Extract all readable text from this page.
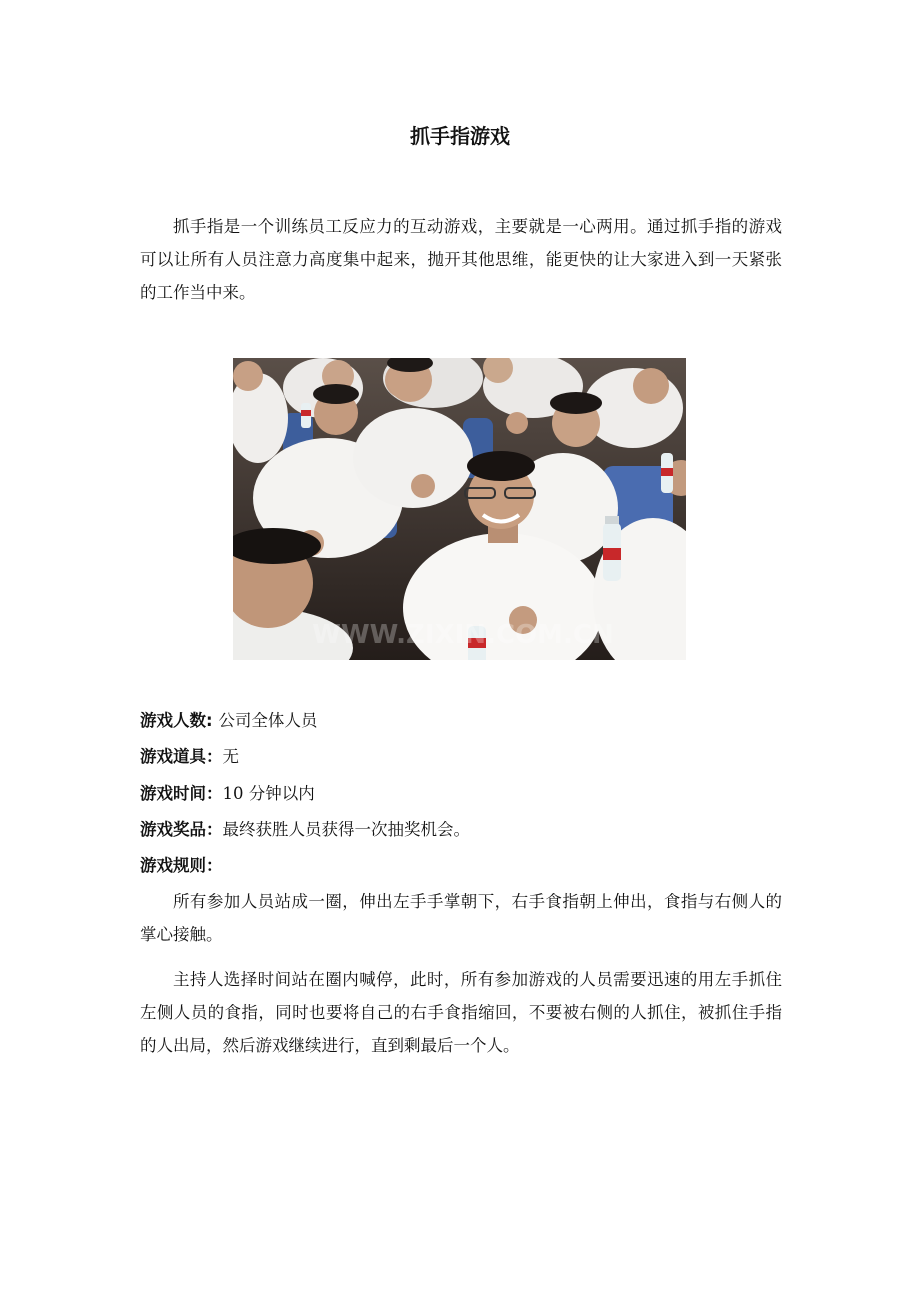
抓手指游戏

抓手指是一个训练员工反应力的互动游戏，主要就是一心两用。通过抓手指的游戏可以让所有人员注意力高度集中起来，抛开其他思维，能更快的让大家进入到一天紧张的工作当中来。

WWW.ZIXIN.COM.CN

游戏人数: 公司全体人员

游戏道具：无

游戏时间：10 分钟以内

游戏奖品：最终获胜人员获得一次抽奖机会。

游戏规则：

所有参加人员站成一圈，伸出左手手掌朝下，右手食指朝上伸出，食指与右侧人的掌心接触。

主持人选择时间站在圈内喊停，此时，所有参加游戏的人员需要迅速的用左手抓住左侧人员的食指，同时也要将自己的右手食指缩回，不要被右侧的人抓住，被抓住手指的人出局，然后游戏继续进行，直到剩最后一个人。
